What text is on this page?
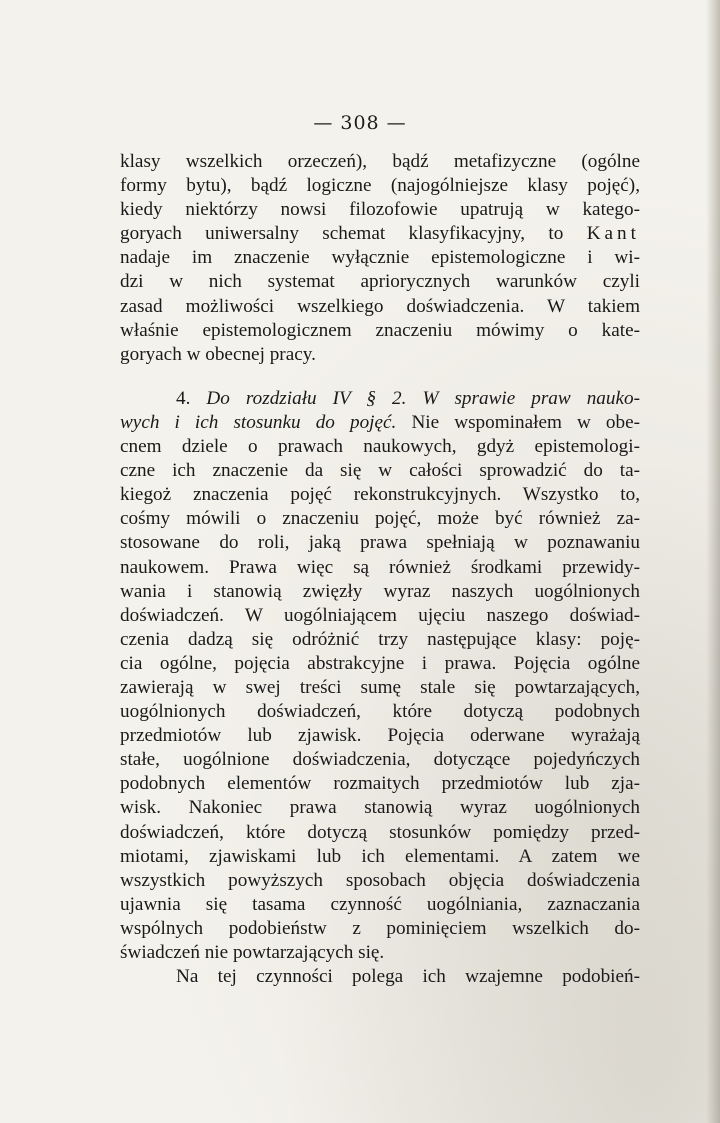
— 308 —
klasy wszelkich orzeczeń), bądź metafizyczne (ogólne
formy bytu), bądź logiczne (najogólniejsze klasy pojęć),
kiedy niektórzy nowsi filozofowie upatrują w katego-
goryach uniwersalny schemat klasyfikacyjny, to Kant
nadaje im znaczenie wyłącznie epistemologiczne i wi-
dzi w nich systemat apriorycznych warunków czyli
zasad możliwości wszelkiego doświadczenia. W takiem
właśnie epistemologicznem znaczeniu mówimy o kate-
goryach w obecnej pracy.
4. Do rozdziału IV § 2. W sprawie praw nauko-
wych i ich stosunku do pojęć. Nie wspominałem w obe-
cnem dziele o prawach naukowych, gdyż epistemologi-
czne ich znaczenie da się w całości sprowadzić do ta-
kiegoż znaczenia pojęć rekonstrukcyjnych. Wszystko to,
cośmy mówili o znaczeniu pojęć, może być również za-
stosowane do roli, jaką prawa spełniają w poznawaniu
naukowem. Prawa więc są również środkami przewidy-
wania i stanowią zwięzły wyraz naszych uogólnionych
doświadczeń. W uogólniającem ujęciu naszego doświad-
czenia dadzą się odróżnić trzy następujące klasy: poję-
cia ogólne, pojęcia abstrakcyjne i prawa. Pojęcia ogólne
zawierają w swej treści sumę stale się powtarzających,
uogólnionych doświadczeń, które dotyczą podobnych
przedmiotów lub zjawisk. Pojęcia oderwane wyrażają
stałe, uogólnione doświadczenia, dotyczące pojedyńczych
podobnych elementów rozmaitych przedmiotów lub zja-
wisk. Nakoniec prawa stanowią wyraz uogólnionych
doświadczeń, które dotyczą stosunków pomiędzy przed-
miotami, zjawiskami lub ich elementami. A zatem we
wszystkich powyższych sposobach objęcia doświadczenia
ujawnia się tasama czynność uogólniania, zaznaczania
wspólnych podobieństw z pominięciem wszelkich do-
świadczeń nie powtarzających się.
Na tej czynności polega ich wzajemne podobień-
